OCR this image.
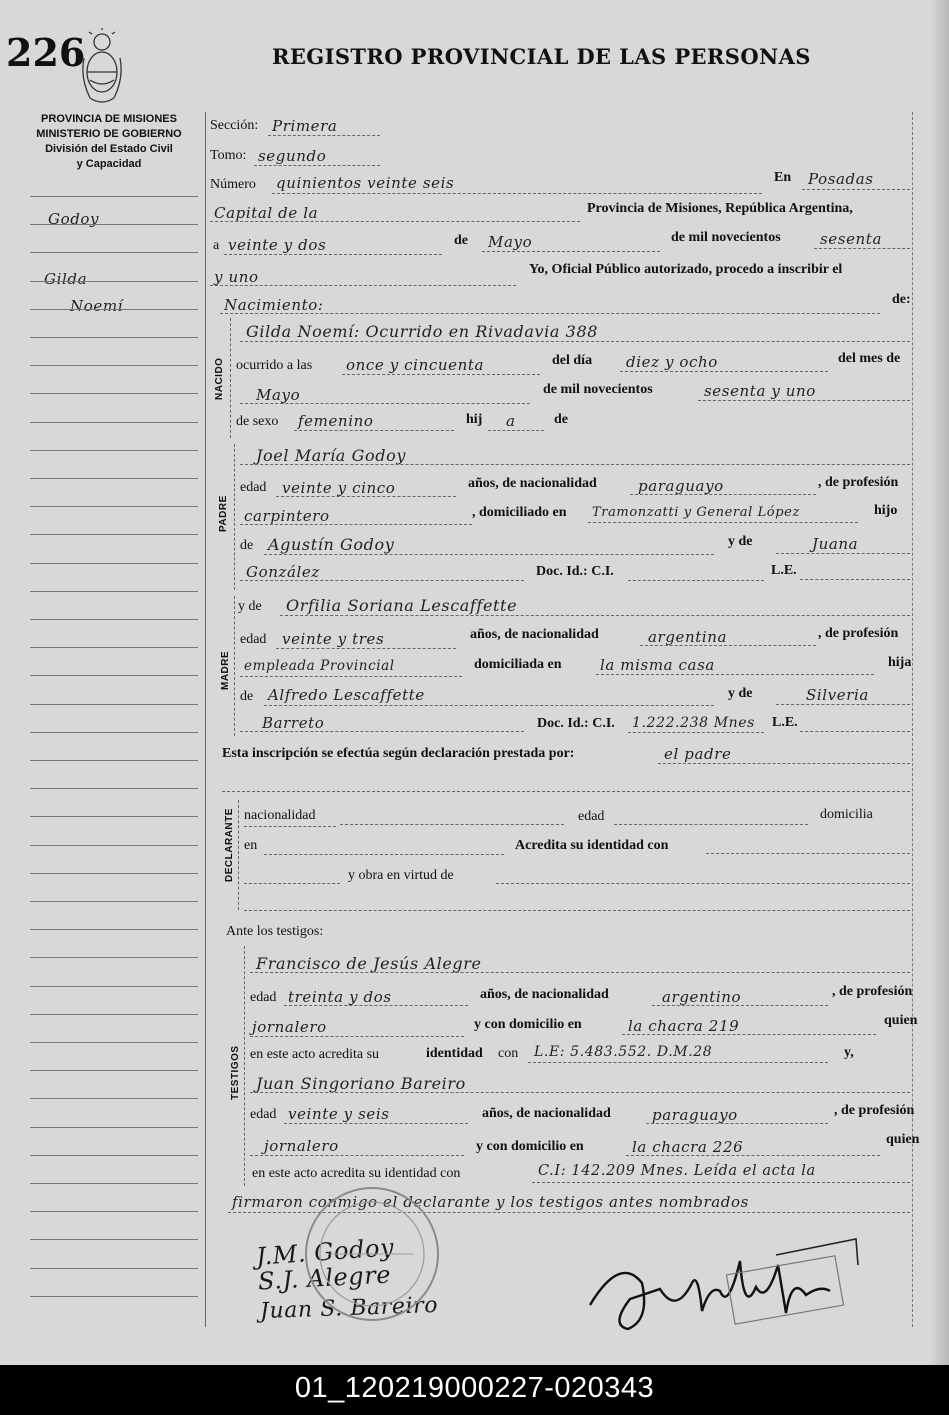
226	REGISTRO PROVINCIAL DE LAS PERSONAS
PROVINCIA DE MISIONES
MINISTERIO DE GOBIERNO
División del Estado Civil
y Capacidad
Godoy
Gilda
Noemí
Sección: Primera
Tomo: segundo
Número quinientos veinte seis	En Posadas
Capital de la	Provincia de Misiones, República Argentina,
a veinte y dos	de Mayo	de mil novecientos	sesenta
y uno	Yo, Oficial Público autorizado, procedo a inscribir el
Nacimiento:	de:
NACIDO
Gilda Noemí: Ocurrido en Rivadavia 388
ocurrido a las once y cincuenta	del día diez y ocho	del mes de
Mayo	de mil novecientos	sesenta y uno
de sexo femenino	hij a	de
PADRE
Joel María Godoy
edad veinte y cinco	años, de nacionalidad	paraguayo	, de profesión
carpintero	, domiciliado en Tramonzatti y General López	hijo
de Agustín Godoy	y de	Juana
González	Doc. Id.: C.I.	L.E.
MADRE
y de Orfilia Soriana Lescaffette
edad veinte y tres	años, de nacionalidad	argentina	, de profesión
empleada Provincial	domiciliada en	la misma casa	hija
de Alfredo Lescaffette	y de	Silveria
Barreto	Doc. Id.: C.I. 1.222.238 Mnes L.E.
Esta inscripción se efectúa según declaración prestada por:	el padre
DECLARANTE nacionalidad	edad	domicilia
en	Acredita su identidad con
y obra en virtud de
Ante los testigos:
TESTIGOS
Francisco de Jesús Alegre
edad treinta y dos	años, de nacionalidad	argentino	, de profesión
jornalero	y con domicilio en	la chacra 219	quien
en este acto acredita su	identidad con L.E: 5.483.552. D.M.28	y,
Juan Singoriano Bareiro
edad veinte y seis	años, de nacionalidad	paraguayo	, de profesión
jornalero	y con domicilio en	la chacra 226	quien
en este acto acredita su identidad con	C.I: 142.209 Mnes. Leída el acta la
firmaron conmigo el declarante y los testigos antes nombrados
J.M. Godoy
S.J. Alegre
Juan S. Bareiro
01_120219000227-020343
